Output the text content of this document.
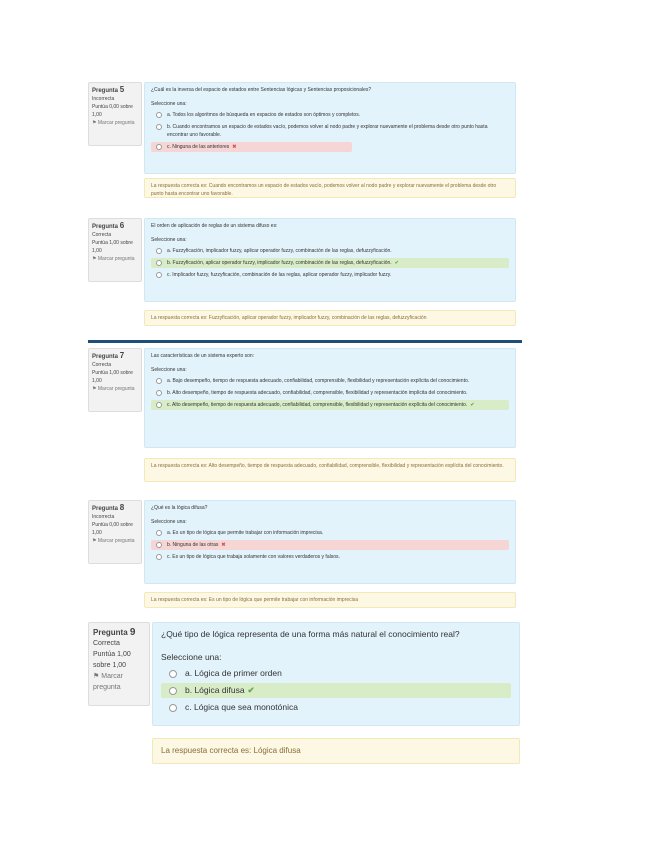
Pregunta 5
Incorrecta
Puntúa 0,00 sobre 1,00
⚑ Marcar pregunta
¿Cuál es la inversa del espacio de estados entre Sentencias lógicas y Sentencias proposicionales?
Seleccione una:
a. Todos los algoritmos de búsqueda en espacios de estados son óptimos y completos.
b. Cuando encontramos un espacio de estados vacío, podemos volver al nodo padre y explorar nuevamente el problema desde otro punto hasta encontrar uno favorable.
c. Ninguna de las anteriores ✖
La respuesta correcta es: Cuando encontramos un espacio de estados vacío, podemos volver al nodo padre y explorar nuevamente el problema desde otro punto hasta encontrar uno favorable.
Pregunta 6
Correcta
Puntúa 1,00 sobre 1,00
⚑ Marcar pregunta
El orden de aplicación de reglas de un sistema difuso es:
Seleccione una:
a. Fuzzyficación, implicador fuzzy, aplicar operador fuzzy, combinación de las reglas, defuzzyficación.
b. Fuzzyficación, aplicar operador fuzzy, implicador fuzzy, combinación de las reglas, defuzzyficación. ✔
c. Implicador fuzzy, fuzzyficación, combinación de las reglas, aplicar operador fuzzy, implicador fuzzy.
La respuesta correcta es: Fuzzyficación, aplicar operador fuzzy, implicador fuzzy, combinación de las reglas, defuzzyficación
Pregunta 7
Correcta
Puntúa 1,00 sobre 1,00
⚑ Marcar pregunta
Las características de un sistema experto son:
Seleccione una:
a. Bajo desempeño, tiempo de respuesta adecuado, confiabilidad, comprensible, flexibilidad y representación explícita del conocimiento.
b. Alto desempeño, tiempo de respuesta adecuado, confiabilidad, comprensible, flexibilidad y representación implícita del conocimiento.
c. Alto desempeño, tiempo de respuesta adecuado, confiabilidad, comprensible, flexibilidad y representación explícita del conocimiento. ✔
La respuesta correcta es: Alto desempeño, tiempo de respuesta adecuado, confiabilidad, comprensible, flexibilidad y representación explícita del conocimiento.
Pregunta 8
Incorrecta
Puntúa 0,00 sobre 1,00
⚑ Marcar pregunta
¿Qué es la lógica difusa?
Seleccione una:
a. Es un tipo de lógica que permite trabajar con información imprecisa.
b. Ninguna de las otras ✖
c. Es un tipo de lógica que trabaja solamente con valores verdaderos y falsos.
La respuesta correcta es: Es un tipo de lógica que permite trabajar con información imprecisa
Pregunta 9
Correcta
Puntúa 1,00 sobre 1,00
⚑ Marcar pregunta
¿Qué tipo de lógica representa de una forma más natural el conocimiento real?
Seleccione una:
a. Lógica de primer orden
b. Lógica difusa ✔
c. Lógica que sea monotónica
La respuesta correcta es: Lógica difusa
